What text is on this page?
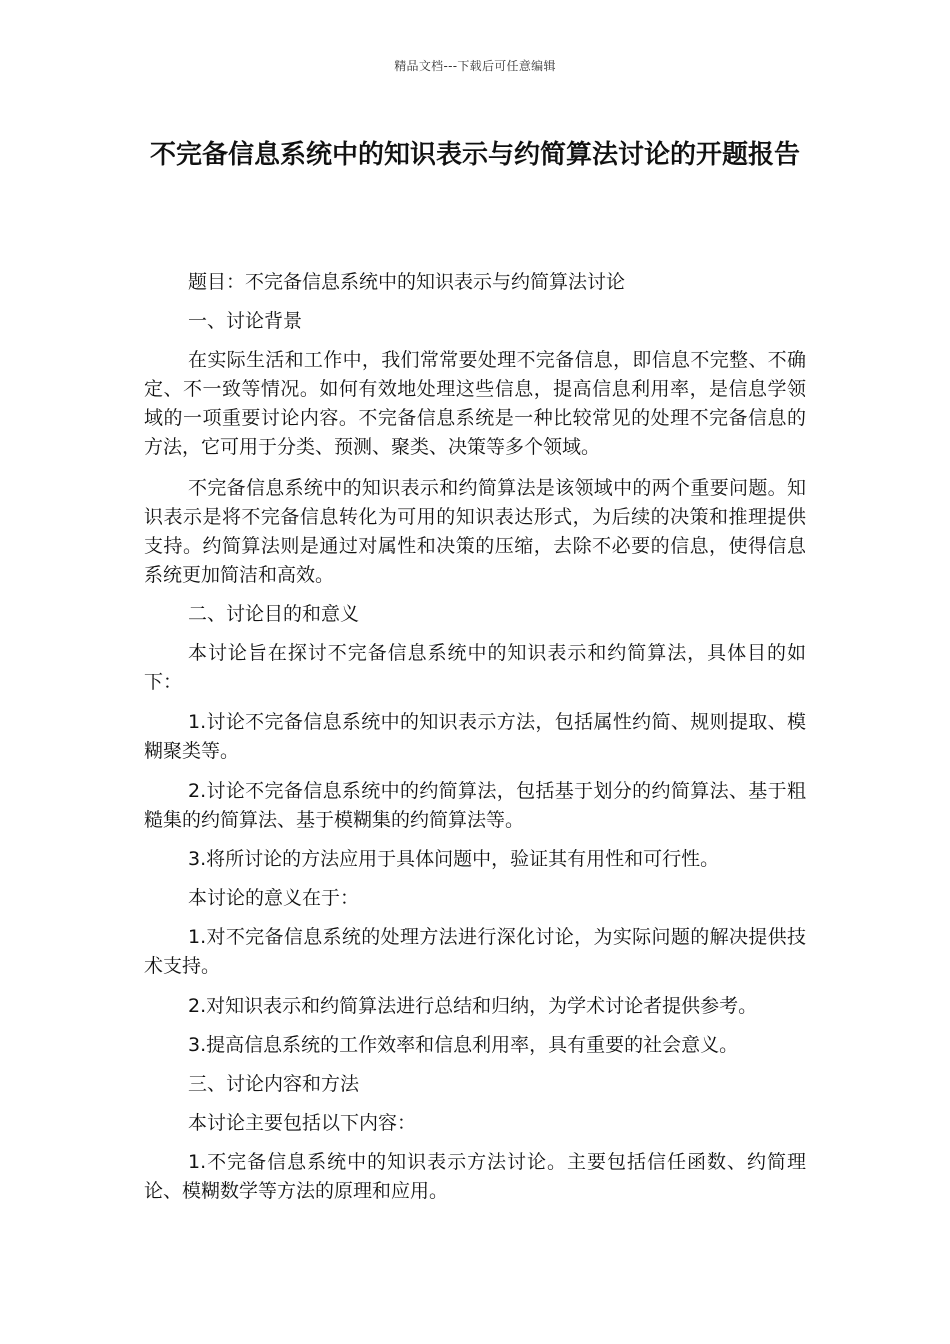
精品文档---下载后可任意编辑
不完备信息系统中的知识表示与约简算法讨论的开题报告

题目：不完备信息系统中的知识表示与约简算法讨论

一、讨论背景

在实际生活和工作中，我们常常要处理不完备信息，即信息不完整、不确定、不一致等情况。如何有效地处理这些信息，提高信息利用率，是信息学领域的一项重要讨论内容。不完备信息系统是一种比较常见的处理不完备信息的方法，它可用于分类、预测、聚类、决策等多个领域。

不完备信息系统中的知识表示和约简算法是该领域中的两个重要问题。知识表示是将不完备信息转化为可用的知识表达形式，为后续的决策和推理提供支持。约简算法则是通过对属性和决策的压缩，去除不必要的信息，使得信息系统更加简洁和高效。

二、讨论目的和意义

本讨论旨在探讨不完备信息系统中的知识表示和约简算法，具体目的如下：

1.讨论不完备信息系统中的知识表示方法，包括属性约简、规则提取、模糊聚类等。

2.讨论不完备信息系统中的约简算法，包括基于划分的约简算法、基于粗糙集的约简算法、基于模糊集的约简算法等。

3.将所讨论的方法应用于具体问题中，验证其有用性和可行性。

本讨论的意义在于：

1.对不完备信息系统的处理方法进行深化讨论，为实际问题的解决提供技术支持。

2.对知识表示和约简算法进行总结和归纳，为学术讨论者提供参考。

3.提高信息系统的工作效率和信息利用率，具有重要的社会意义。

三、讨论内容和方法

本讨论主要包括以下内容：

1.不完备信息系统中的知识表示方法讨论。主要包括信任函数、约简理论、模糊数学等方法的原理和应用。
